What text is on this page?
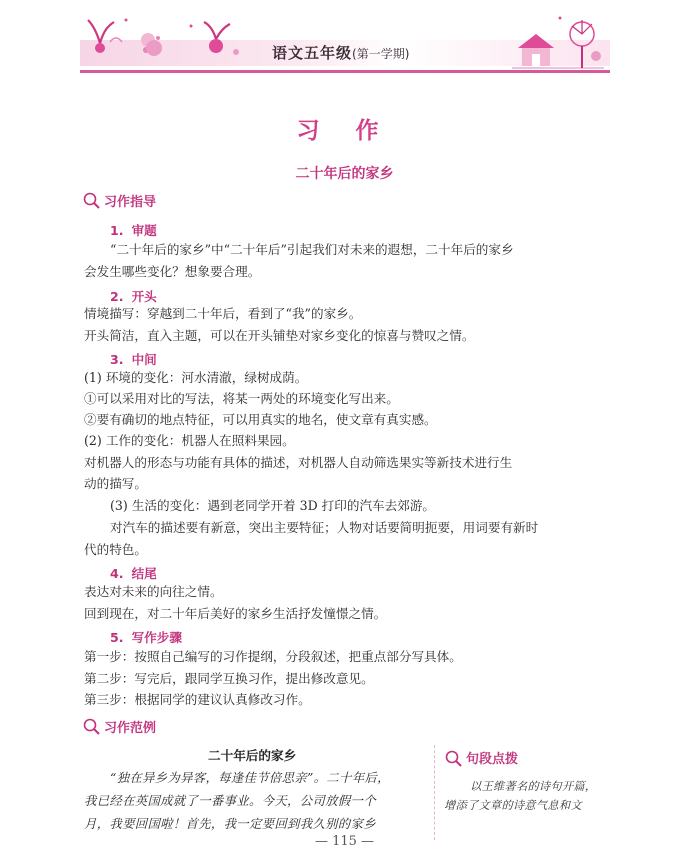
语文五年级(第一学期)
习 作
二十年后的家乡
习作指导
1. 审题
“二十年后的家乡”中“二十年后”引起我们对未来的遐想，二十年后的家乡
会发生哪些变化？想象要合理。
2. 开头
情境描写：穿越到二十年后，看到了“我”的家乡。
开头简洁，直入主题，可以在开头铺垫对家乡变化的惊喜与赞叹之情。
3. 中间
(1) 环境的变化：河水清澈，绿树成荫。
①可以采用对比的写法，将某一两处的环境变化写出来。
②要有确切的地点特征，可以用真实的地名，使文章有真实感。
(2) 工作的变化：机器人在照料果园。
对机器人的形态与功能有具体的描述，对机器人自动筛选果实等新技术进行生
动的描写。
(3) 生活的变化：遇到老同学开着 3D 打印的汽车去郊游。
对汽车的描述要有新意，突出主要特征；人物对话要简明扼要，用词要有新时
代的特色。
4. 结尾
表达对未来的向往之情。
回到现在，对二十年后美好的家乡生活抒发憧憬之情。
5. 写作步骤
第一步：按照自己编写的习作提纲，分段叙述，把重点部分写具体。
第二步：写完后，跟同学互换习作，提出修改意见。
第三步：根据同学的建议认真修改习作。
习作范例
二十年后的家乡
“独在异乡为异客，每逢佳节倍思亲”。二十年后，
我已经在英国成就了一番事业。今天，公司放假一个
月，我要回国啦！首先，我一定要回到我久别的家乡
句段点拨
以王维著名的诗句开篇，
增添了文章的诗意气息和文
— 115 —
